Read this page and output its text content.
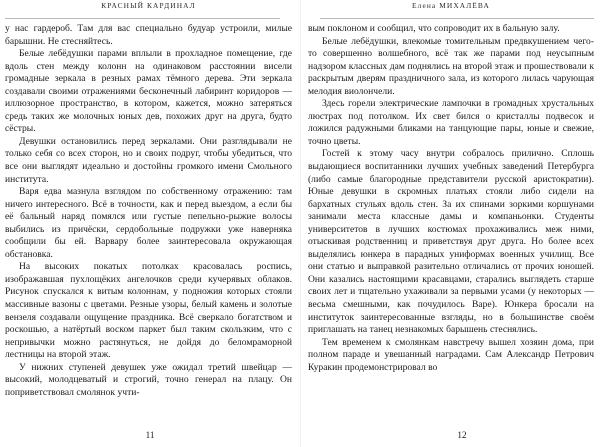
КРАСНЫЙ КАРДИНАЛ

у нас гардероб. Там для вас специально будуар устроили, милые барышни. Не стесняйтесь.

Белые лебёдушки парами вплыли в прохладное помещение, где вдоль стен между колонн на одинаковом расстоянии висели громадные зеркала в резных рамах тёмного дерева. Эти зеркала создавали своими отражениями бесконечный лабиринт коридоров — иллюзорное пространство, в котором, кажется, можно затеряться средь таких же молочных юных дев, похожих друг на друга, будто сёстры.

Девушки остановились перед зеркалами. Они разглядывали не только себя со всех сторон, но и своих подруг, чтобы убедиться, что все они выглядят идеально и достойны громкого имени Смольного института.

Варя едва мазнула взглядом по собственному отражению: там ничего интересного. Всё в точности, как и перед выездом, а если бы её бальный наряд помялся или густые пепельно-рыжие волосы выбились из причёски, сердобольные подружки уже наверняка сообщили бы ей. Варвару более заинтересовала окружающая обстановка.

На высоких покатых потолках красовалась роспись, изображавшая пухлощёких ангелочков среди кучерявых облаков. Рисунок спускался к витым колоннам, у подножия которых стояли массивные вазоны с цветами. Резные узоры, белый камень и золотые вензеля создавали ощущение праздника. Всё сверкало богатством и роскошью, а натёртый воском паркет был таким скользким, что с непривычки можно растянуться, не дойдя до беломраморной лестницы на второй этаж.

У нижних ступеней девушек уже ожидал третий швейцар — высокий, молодцеватый и строгий, точно генерал на плацу. Он поприветствовал смолянок учти-

11
Елена МИХАЛЁВА

вым поклоном и сообщил, что сопроводит их в бальную залу.

Белые лебёдушки, влекомые томительным предвкушением чего-то совершенно волшебного, всё так же парами под неусыпным надзором классных дам поднялись на второй этаж и прошествовали к раскрытым дверям праздничного зала, из которого лилась чарующая мелодия виолончели.

Здесь горели электрические лампочки в громадных хрустальных люстрах под потолком. Их свет бился о кристаллы подвесок и ложился радужными бликами на танцующие пары, юные и свежие, точно цветы.

Гостей к этому часу внутри собралось прилично. Сплошь выдающиеся воспитанники лучших учебных заведений Петербурга (либо самые благородные представители русской аристократии). Юные девушки в скромных платьях стояли либо сидели на бархатных стульях вдоль стен. За их спинами зоркими коршунами занимали места классные дамы и компаньонки. Студенты университетов в лучших костюмах прохаживались меж ними, отыскивая родственниц и приветствуя друг друга. Но более всех выделялись юнкера в парадных униформах военных училищ. Все они статью и выправкой разительно отличались от прочих юношей. Они казались настоящими красавцами, старались выглядеть старше своих лет и тщательно ухаживали за первыми усами (у некоторых — весьма смешными, как почудилось Варе). Юнкера бросали на институток заинтересованные взгляды, но в большинстве своём приглашать на танец незнакомых барышень стеснялись.

Тем временем к смолянкам навстречу вышел хозяин дома, при полном параде и увешанный наградами. Сам Александр Петрович Куракин продемонстрировал во

12
